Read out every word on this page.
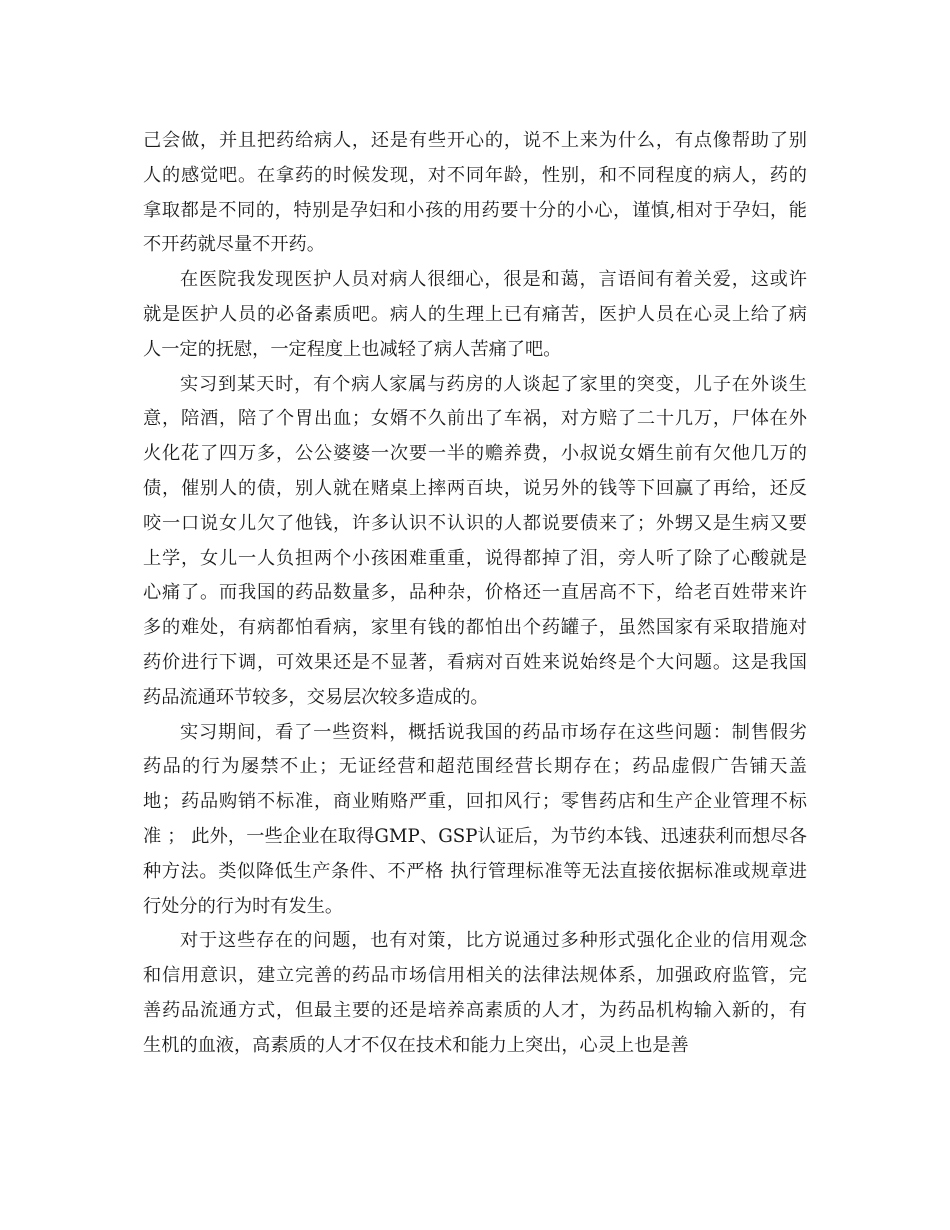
己会做，并且把药给病人，还是有些开心的，说不上来为什么，有点像帮助了别
人的感觉吧。在拿药的时候发现，对不同年龄，性别，和不同程度的病人，药的
拿取都是不同的，特别是孕妇和小孩的用药要十分的小心，谨慎,相对于孕妇，能
不开药就尽量不开药。
在医院我发现医护人员对病人很细心，很是和蔼，言语间有着关爱，这或许
就是医护人员的必备素质吧。病人的生理上已有痛苦，医护人员在心灵上给了病
人一定的抚慰，一定程度上也减轻了病人苦痛了吧。
实习到某天时，有个病人家属与药房的人谈起了家里的突变，儿子在外谈生
意，陪酒，陪了个胃出血；女婿不久前出了车祸，对方赔了二十几万，尸体在外
火化花了四万多，公公婆婆一次要一半的赡养费，小叔说女婿生前有欠他几万的
债，催别人的债，别人就在赌桌上摔两百块，说另外的钱等下回赢了再给，还反
咬一口说女儿欠了他钱，许多认识不认识的人都说要债来了；外甥又是生病又要
上学，女儿一人负担两个小孩困难重重，说得都掉了泪，旁人听了除了心酸就是
心痛了。而我国的药品数量多，品种杂，价格还一直居高不下，给老百姓带来许
多的难处，有病都怕看病，家里有钱的都怕出个药罐子，虽然国家有采取措施对
药价进行下调，可效果还是不显著，看病对百姓来说始终是个大问题。这是我国
药品流通环节较多，交易层次较多造成的。
实习期间，看了一些资料，概括说我国的药品市场存在这些问题：制售假劣
药品的行为屡禁不止；无证经营和超范围经营长期存在；药品虚假广告铺天盖
地；药品购销不标准，商业贿赂严重，回扣风行；零售药店和生产企业管理不标
准 ； 此外，一些企业在取得GMP、GSP认证后，为节约本钱、迅速获利而想尽各
种方法。类似降低生产条件、不严格 执行管理标准等无法直接依据标准或规章进
行处分的行为时有发生。
对于这些存在的问题，也有对策，比方说通过多种形式强化企业的信用观念
和信用意识，建立完善的药品市场信用相关的法律法规体系，加强政府监管，完
善药品流通方式，但最主要的还是培养高素质的人才，为药品机构输入新的，有
生机的血液，高素质的人才不仅在技术和能力上突出，心灵上也是善
